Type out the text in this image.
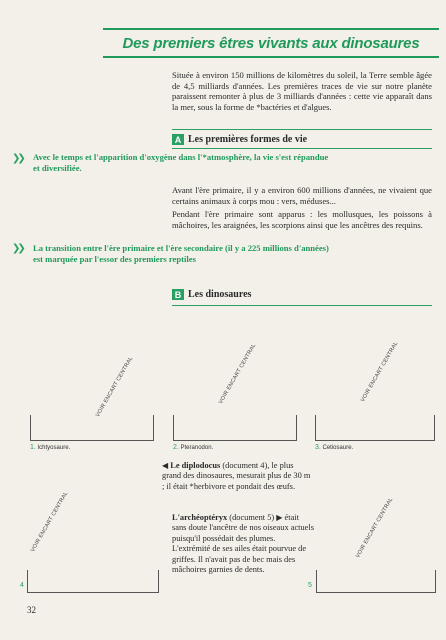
Des premiers êtres vivants aux dinosaures
Située à environ 150 millions de kilomètres du soleil, la Terre semble âgée de 4,5 milliards d'années. Les premières traces de vie sur notre planète paraissent remonter à plus de 3 milliards d'années : cette vie apparaît dans la mer, sous la forme de *bactéries et d'algues.
A Les premières formes de vie
❯❯ Avec le temps et l'apparition d'oxygène dans l'*atmosphère, la vie s'est répandue et diversifiée.
Avant l'ère primaire, il y a environ 600 millions d'années, ne vivaient que certains animaux à corps mou : vers, méduses...
Pendant l'ère primaire sont apparus : les mollusques, les poissons à mâchoires, les araignées, les scorpions ainsi que les ancêtres des requins.
❯❯ La transition entre l'ère primaire et l'ère secondaire (il y a 225 millions d'années) est marquée par l'essor des premiers reptiles
B Les dinosaures
VOIR ENCART CENTRAL
1. Ichtyosaure.
VOIR ENCART CENTRAL
2. Pteranodon.
VOIR ENCART CENTRAL
3. Cetiosaure.
◀ Le diplodocus (document 4), le plus grand des dinosaures, mesurait plus de 30 m ; il était *herbivore et pondait des œufs.
L'archéoptéryx (document 5) ▶ était sans doute l'ancêtre de nos oiseaux actuels puisqu'il possédait des plumes. L'extrémité de ses ailes était pourvue de griffes. Il n'avait pas de bec mais des mâchoires garnies de dents.
VOIR ENCART CENTRAL
4
VOIR ENCART CENTRAL
5
32
